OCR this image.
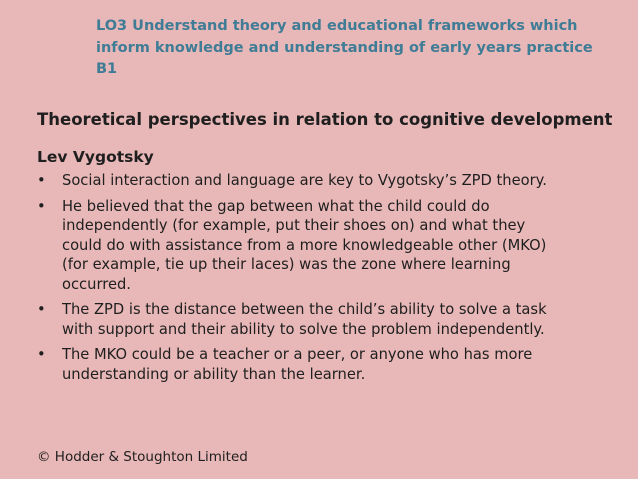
LO3 Understand theory and educational frameworks which
inform knowledge and understanding of early years practice
B1
Theoretical perspectives in relation to cognitive development
Lev Vygotsky
• Social interaction and language are key to Vygotsky’s ZPD theory.
• He believed that the gap between what the child could do
independently (for example, put their shoes on) and what they
could do with assistance from a more knowledgeable other (MKO)
(for example, tie up their laces) was the zone where learning
occurred.
• The ZPD is the distance between the child’s ability to solve a task
with support and their ability to solve the problem independently.
• The MKO could be a teacher or a peer, or anyone who has more
understanding or ability than the learner.
© Hodder & Stoughton Limited
